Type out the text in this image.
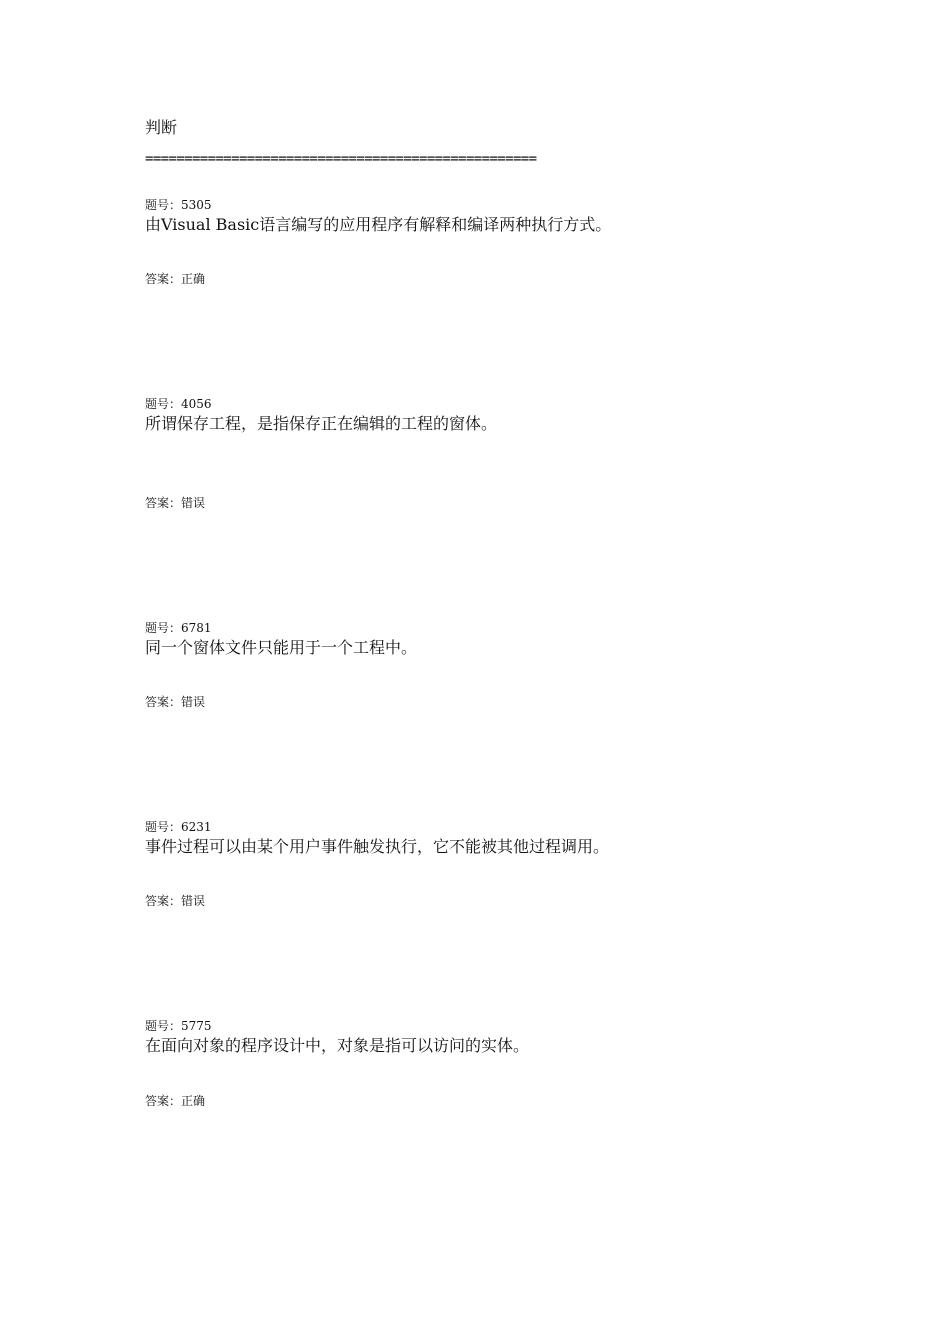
判断
==================================================
题号：5305
由Visual Basic语言编写的应用程序有解释和编译两种执行方式。
答案：正确
题号：4056
所谓保存工程，是指保存正在编辑的工程的窗体。
答案：错误
题号：6781
同一个窗体文件只能用于一个工程中。
答案：错误
题号：6231
事件过程可以由某个用户事件触发执行，它不能被其他过程调用。
答案：错误
题号：5775
在面向对象的程序设计中，对象是指可以访问的实体。
答案：正确
